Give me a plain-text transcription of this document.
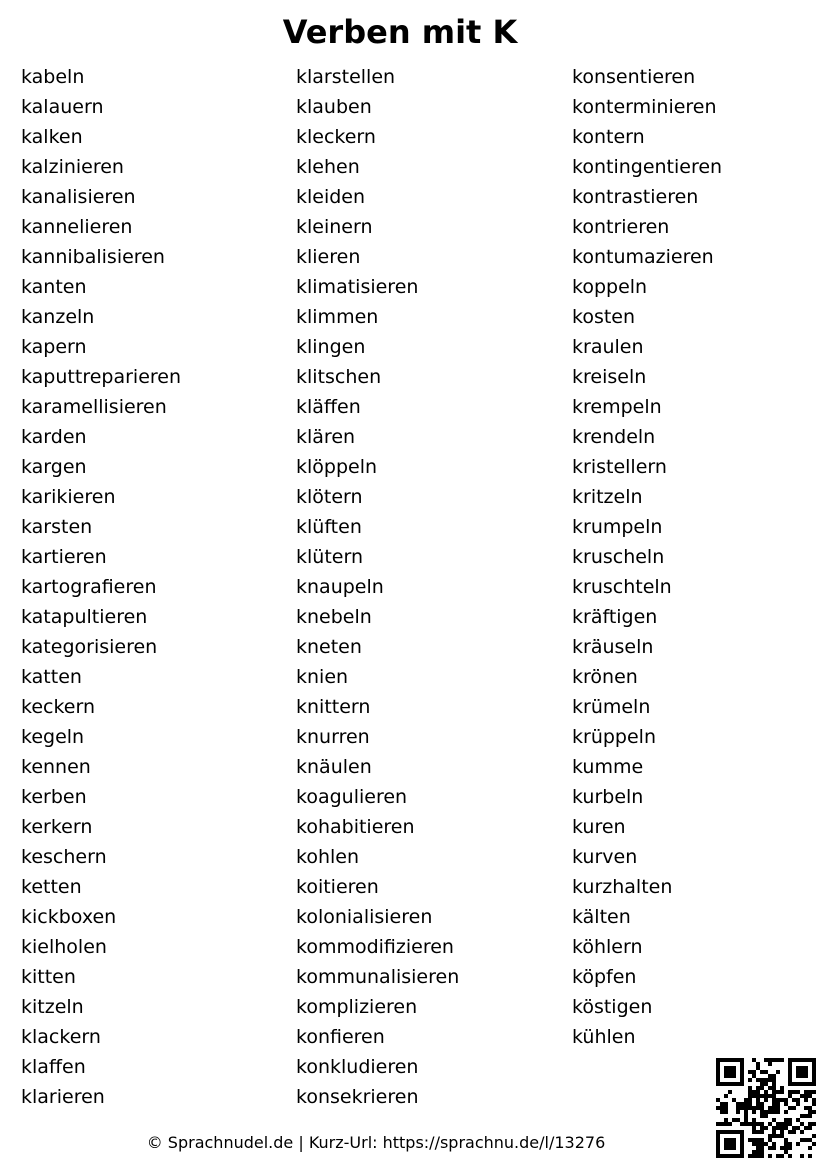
Verben mit K
kabeln
kalauern
kalken
kalzinieren
kanalisieren
kannelieren
kannibalisieren
kanten
kanzeln
kapern
kaputtreparieren
karamellisieren
karden
kargen
karikieren
karsten
kartieren
kartografieren
katapultieren
kategorisieren
katten
keckern
kegeln
kennen
kerben
kerkern
keschern
ketten
kickboxen
kielholen
kitten
kitzeln
klackern
klaffen
klarieren
klarstellen
klauben
kleckern
klehen
kleiden
kleinern
klieren
klimatisieren
klimmen
klingen
klitschen
kläffen
klären
klöppeln
klötern
klüften
klütern
knaupeln
knebeln
kneten
knien
knittern
knurren
knäulen
koagulieren
kohabitieren
kohlen
koitieren
kolonialisieren
kommodifizieren
kommunalisieren
komplizieren
konfieren
konkludieren
konsekrieren
konsentieren
konterminieren
kontern
kontingentieren
kontrastieren
kontrieren
kontumazieren
koppeln
kosten
kraulen
kreiseln
krempeln
krendeln
kristellern
kritzeln
krumpeln
kruscheln
kruschteln
kräftigen
kräuseln
krönen
krümeln
krüppeln
kumme
kurbeln
kuren
kurven
kurzhalten
kälten
köhlern
köpfen
köstigen
kühlen
© Sprachnudel.de | Kurz-Url: https://sprachnu.de/l/13276
